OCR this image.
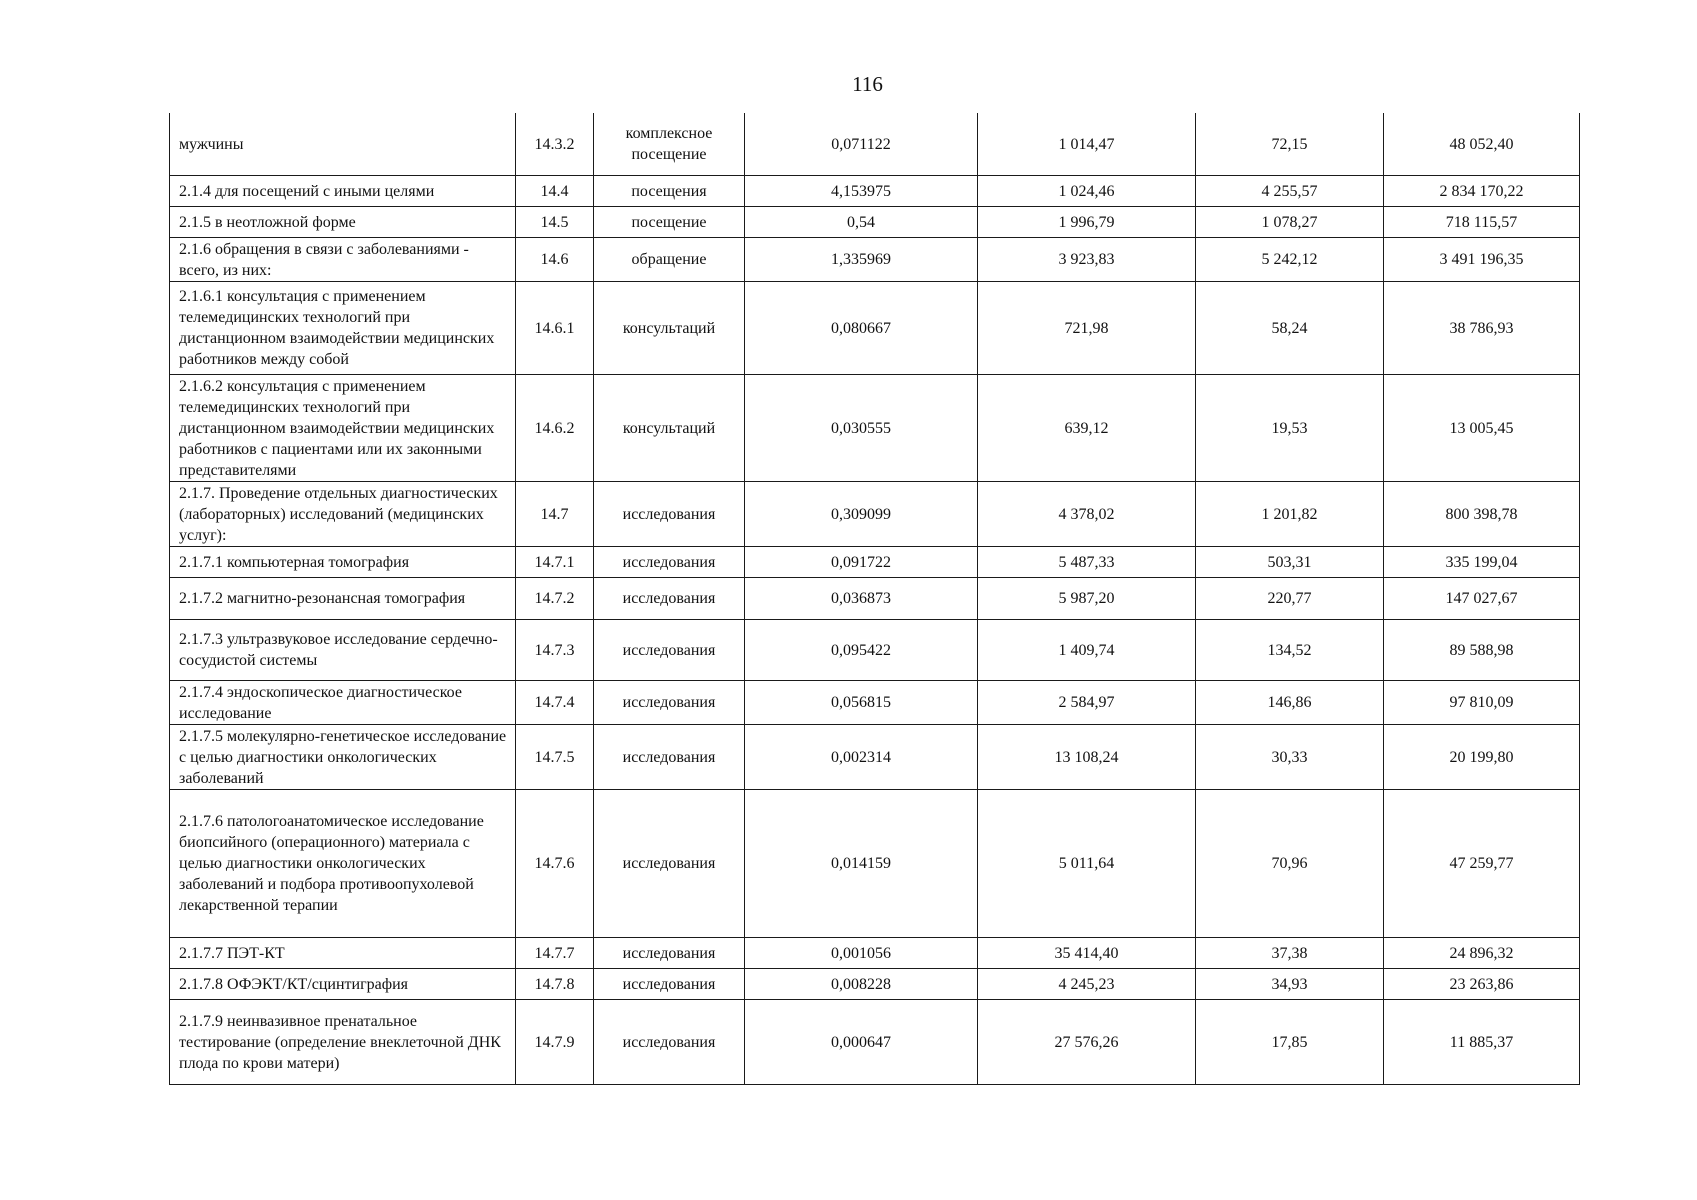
116
мужчины	14.3.2	комплексное посещение	0,071122	1 014,47	72,15	48 052,40
2.1.4 для посещений с иными целями	14.4	посещения	4,153975	1 024,46	4 255,57	2 834 170,22
2.1.5 в неотложной форме	14.5	посещение	0,54	1 996,79	1 078,27	718 115,57
2.1.6 обращения в связи с заболеваниями - всего, из них:	14.6	обращение	1,335969	3 923,83	5 242,12	3 491 196,35
2.1.6.1 консультация с применением телемедицинских технологий при дистанционном взаимодействии медицинских работников между собой	14.6.1	консультаций	0,080667	721,98	58,24	38 786,93
2.1.6.2 консультация с применением телемедицинских технологий при дистанционном взаимодействии медицинских работников с пациентами или их законными представителями	14.6.2	консультаций	0,030555	639,12	19,53	13 005,45
2.1.7. Проведение отдельных диагностических (лабораторных) исследований (медицинских услуг):	14.7	исследования	0,309099	4 378,02	1 201,82	800 398,78
2.1.7.1 компьютерная томография	14.7.1	исследования	0,091722	5 487,33	503,31	335 199,04
2.1.7.2 магнитно-резонансная томография	14.7.2	исследования	0,036873	5 987,20	220,77	147 027,67
2.1.7.3 ультразвуковое исследование сердечно-сосудистой системы	14.7.3	исследования	0,095422	1 409,74	134,52	89 588,98
2.1.7.4 эндоскопическое диагностическое исследование	14.7.4	исследования	0,056815	2 584,97	146,86	97 810,09
2.1.7.5 молекулярно-генетическое исследование с целью диагностики онкологических заболеваний	14.7.5	исследования	0,002314	13 108,24	30,33	20 199,80
2.1.7.6 патологоанатомическое исследование биопсийного (операционного) материала с целью диагностики онкологических заболеваний и подбора противоопухолевой лекарственной терапии	14.7.6	исследования	0,014159	5 011,64	70,96	47 259,77
2.1.7.7 ПЭТ-КТ	14.7.7	исследования	0,001056	35 414,40	37,38	24 896,32
2.1.7.8 ОФЭКТ/КТ/сцинтиграфия	14.7.8	исследования	0,008228	4 245,23	34,93	23 263,86
2.1.7.9 неинвазивное пренатальное тестирование (определение внеклеточной ДНК плода по крови матери)	14.7.9	исследования	0,000647	27 576,26	17,85	11 885,37
